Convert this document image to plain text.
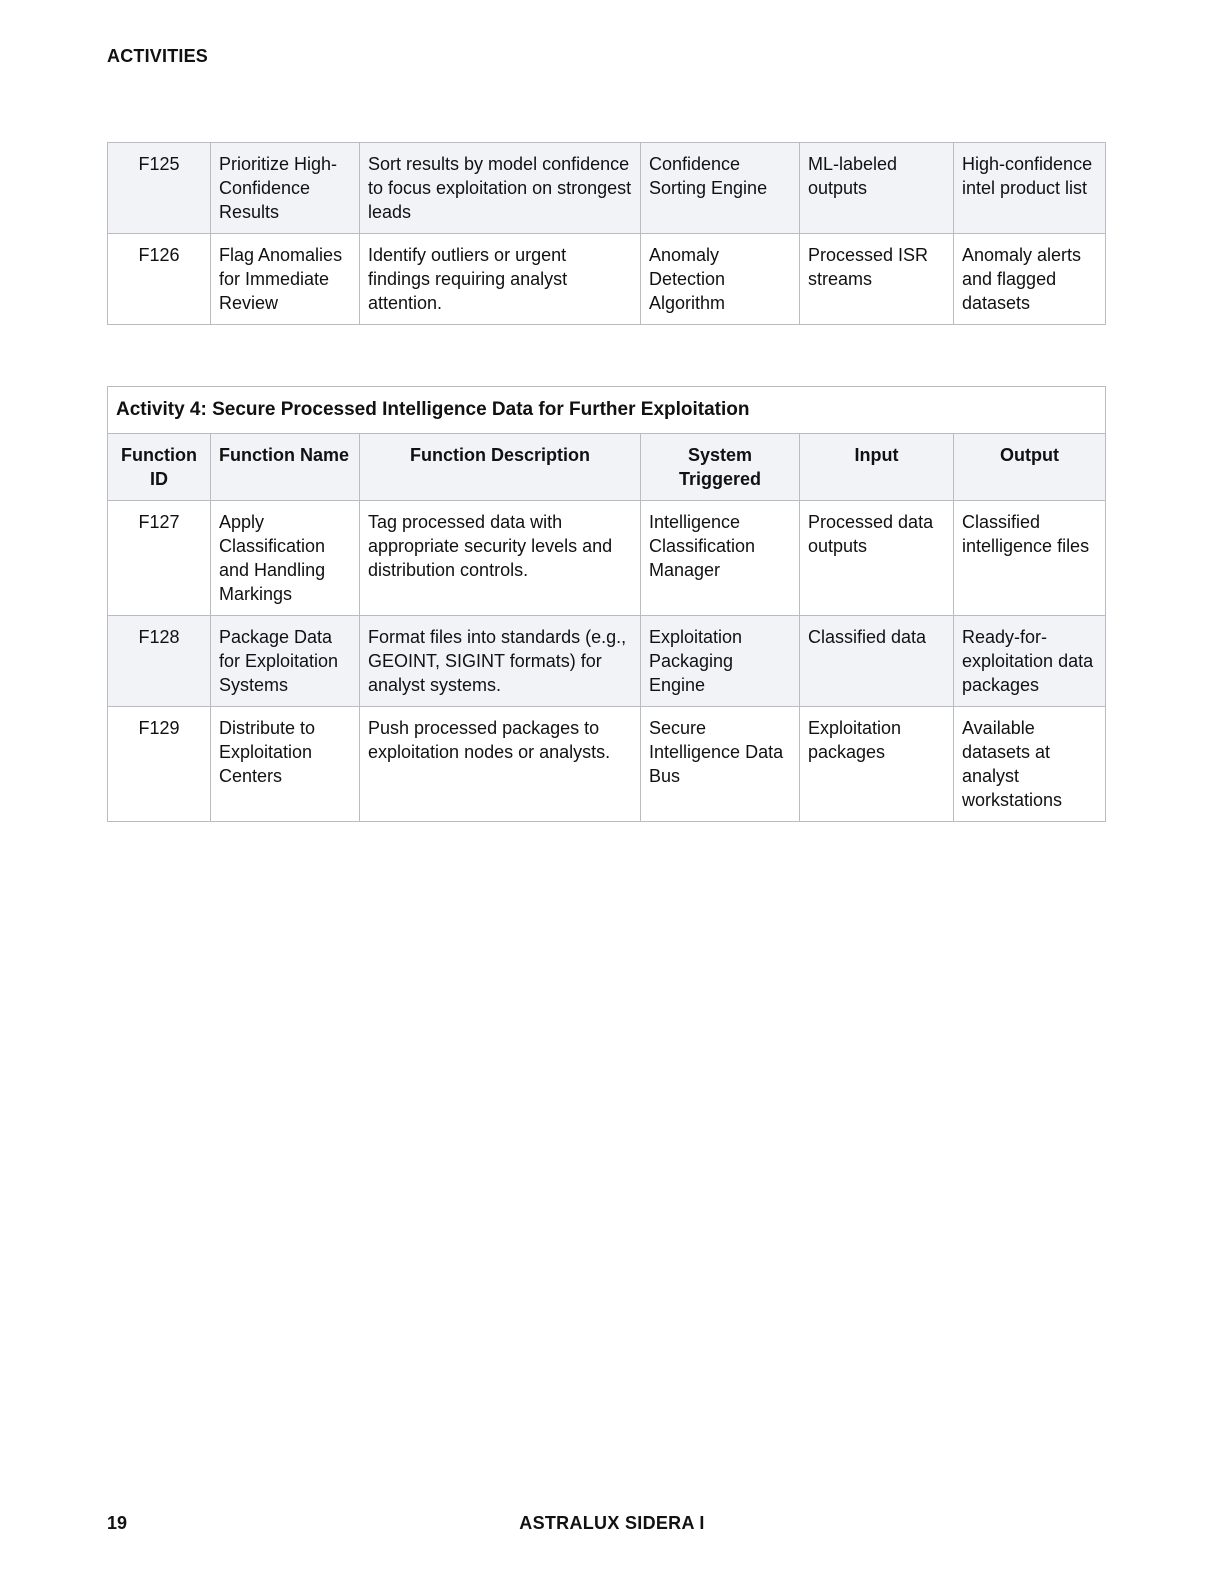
ACTIVITIES
F125	Prioritize High-Confidence Results	Sort results by model confidence to focus exploitation on strongest leads	Confidence Sorting Engine	ML-labeled outputs	High-confidence intel product list
F126	Flag Anomalies for Immediate Review	Identify outliers or urgent findings requiring analyst attention.	Anomaly Detection Algorithm	Processed ISR streams	Anomaly alerts and flagged datasets
Activity 4: Secure Processed Intelligence Data for Further Exploitation					
Function ID	Function Name	Function Description	System Triggered	Input	Output
F127	Apply Classification and Handling Markings	Tag processed data with appropriate security levels and distribution controls.	Intelligence Classification Manager	Processed data outputs	Classified intelligence files
F128	Package Data for Exploitation Systems	Format files into standards (e.g., GEOINT, SIGINT formats) for analyst systems.	Exploitation Packaging Engine	Classified data	Ready-for-exploitation data packages
F129	Distribute to Exploitation Centers	Push processed packages to exploitation nodes or analysts.	Secure Intelligence Data Bus	Exploitation packages	Available datasets at analyst workstations
19	ASTRALUX SIDERA I
